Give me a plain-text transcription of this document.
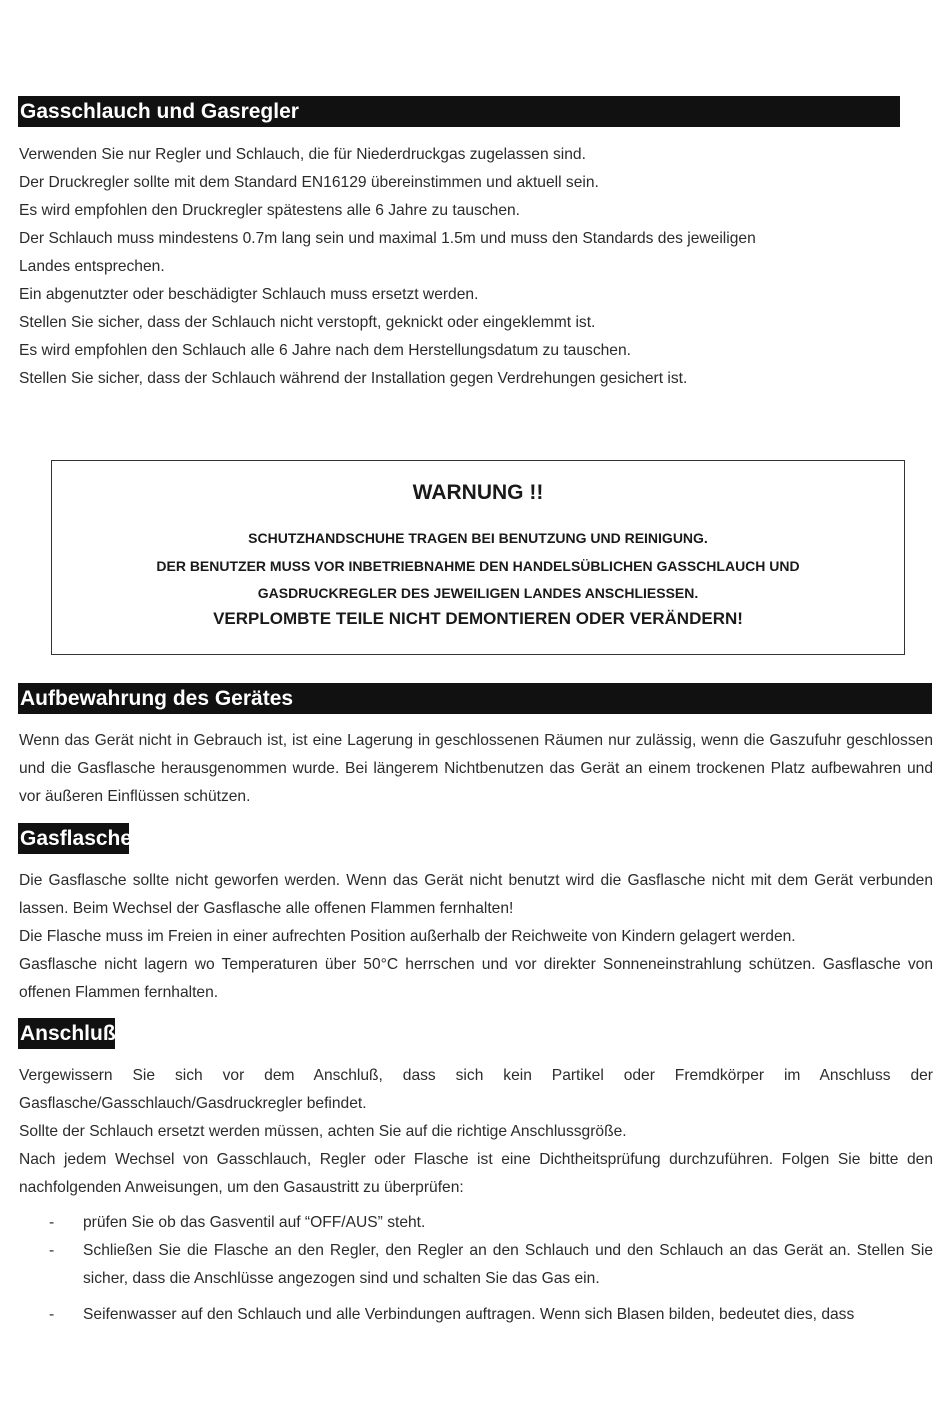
Gasschlauch und Gasregler
Verwenden Sie nur Regler und Schlauch, die für Niederdruckgas zugelassen sind.
Der Druckregler sollte mit dem Standard EN16129 übereinstimmen und aktuell sein.
Es wird empfohlen den Druckregler spätestens alle 6 Jahre zu tauschen.
Der Schlauch muss mindestens 0.7m lang sein und maximal 1.5m und muss den Standards des jeweiligen
Landes entsprechen.
Ein abgenutzter oder beschädigter Schlauch muss ersetzt werden.
Stellen Sie sicher, dass der Schlauch nicht verstopft, geknickt oder eingeklemmt ist.
Es wird empfohlen den Schlauch alle 6 Jahre nach dem Herstellungsdatum zu tauschen.
Stellen Sie sicher, dass der Schlauch während der Installation gegen Verdrehungen gesichert ist.
WARNUNG !!
SCHUTZHANDSCHUHE TRAGEN BEI BENUTZUNG UND REINIGUNG.
DER BENUTZER MUSS VOR INBETRIEBNAHME DEN HANDELSÜBLICHEN GASSCHLAUCH UND
GASDRUCKREGLER DES JEWEILIGEN LANDES ANSCHLIESSEN.
VERPLOMBTE TEILE NICHT DEMONTIEREN ODER VERÄNDERN!
Aufbewahrung des Gerätes
Wenn das Gerät nicht in Gebrauch ist, ist eine Lagerung in geschlossenen Räumen nur zulässig, wenn die Gaszufuhr geschlossen und die Gasflasche herausgenommen wurde. Bei längerem Nichtbenutzen das Gerät an einem trockenen Platz aufbewahren und vor äußeren Einflüssen schützen.
Gasflasche
Die Gasflasche sollte nicht geworfen werden. Wenn das Gerät nicht benutzt wird die Gasflasche nicht mit dem Gerät verbunden lassen. Beim Wechsel der Gasflasche alle offenen Flammen fernhalten!
Die Flasche muss im Freien in einer aufrechten Position außerhalb der Reichweite von Kindern gelagert werden.
Gasflasche nicht lagern wo Temperaturen über 50°C herrschen und vor direkter Sonneneinstrahlung schützen. Gasflasche von offenen Flammen fernhalten.
Anschluß
Vergewissern Sie sich vor dem Anschluß, dass sich kein Partikel oder Fremdkörper im Anschluss der Gasflasche/Gasschlauch/Gasdruckregler befindet.
Sollte der Schlauch ersetzt werden müssen, achten Sie auf die richtige Anschlussgröße.
Nach jedem Wechsel von Gasschlauch, Regler oder Flasche ist eine Dichtheitsprüfung durchzuführen. Folgen Sie bitte den nachfolgenden Anweisungen, um den Gasaustritt zu überprüfen:
- prüfen Sie ob das Gasventil auf “OFF/AUS” steht.
- Schließen Sie die Flasche an den Regler, den Regler an den Schlauch und den Schlauch an das Gerät an. Stellen Sie sicher, dass die Anschlüsse angezogen sind und schalten Sie das Gas ein.
- Seifenwasser auf den Schlauch und alle Verbindungen auftragen. Wenn sich Blasen bilden, bedeutet dies, dass
